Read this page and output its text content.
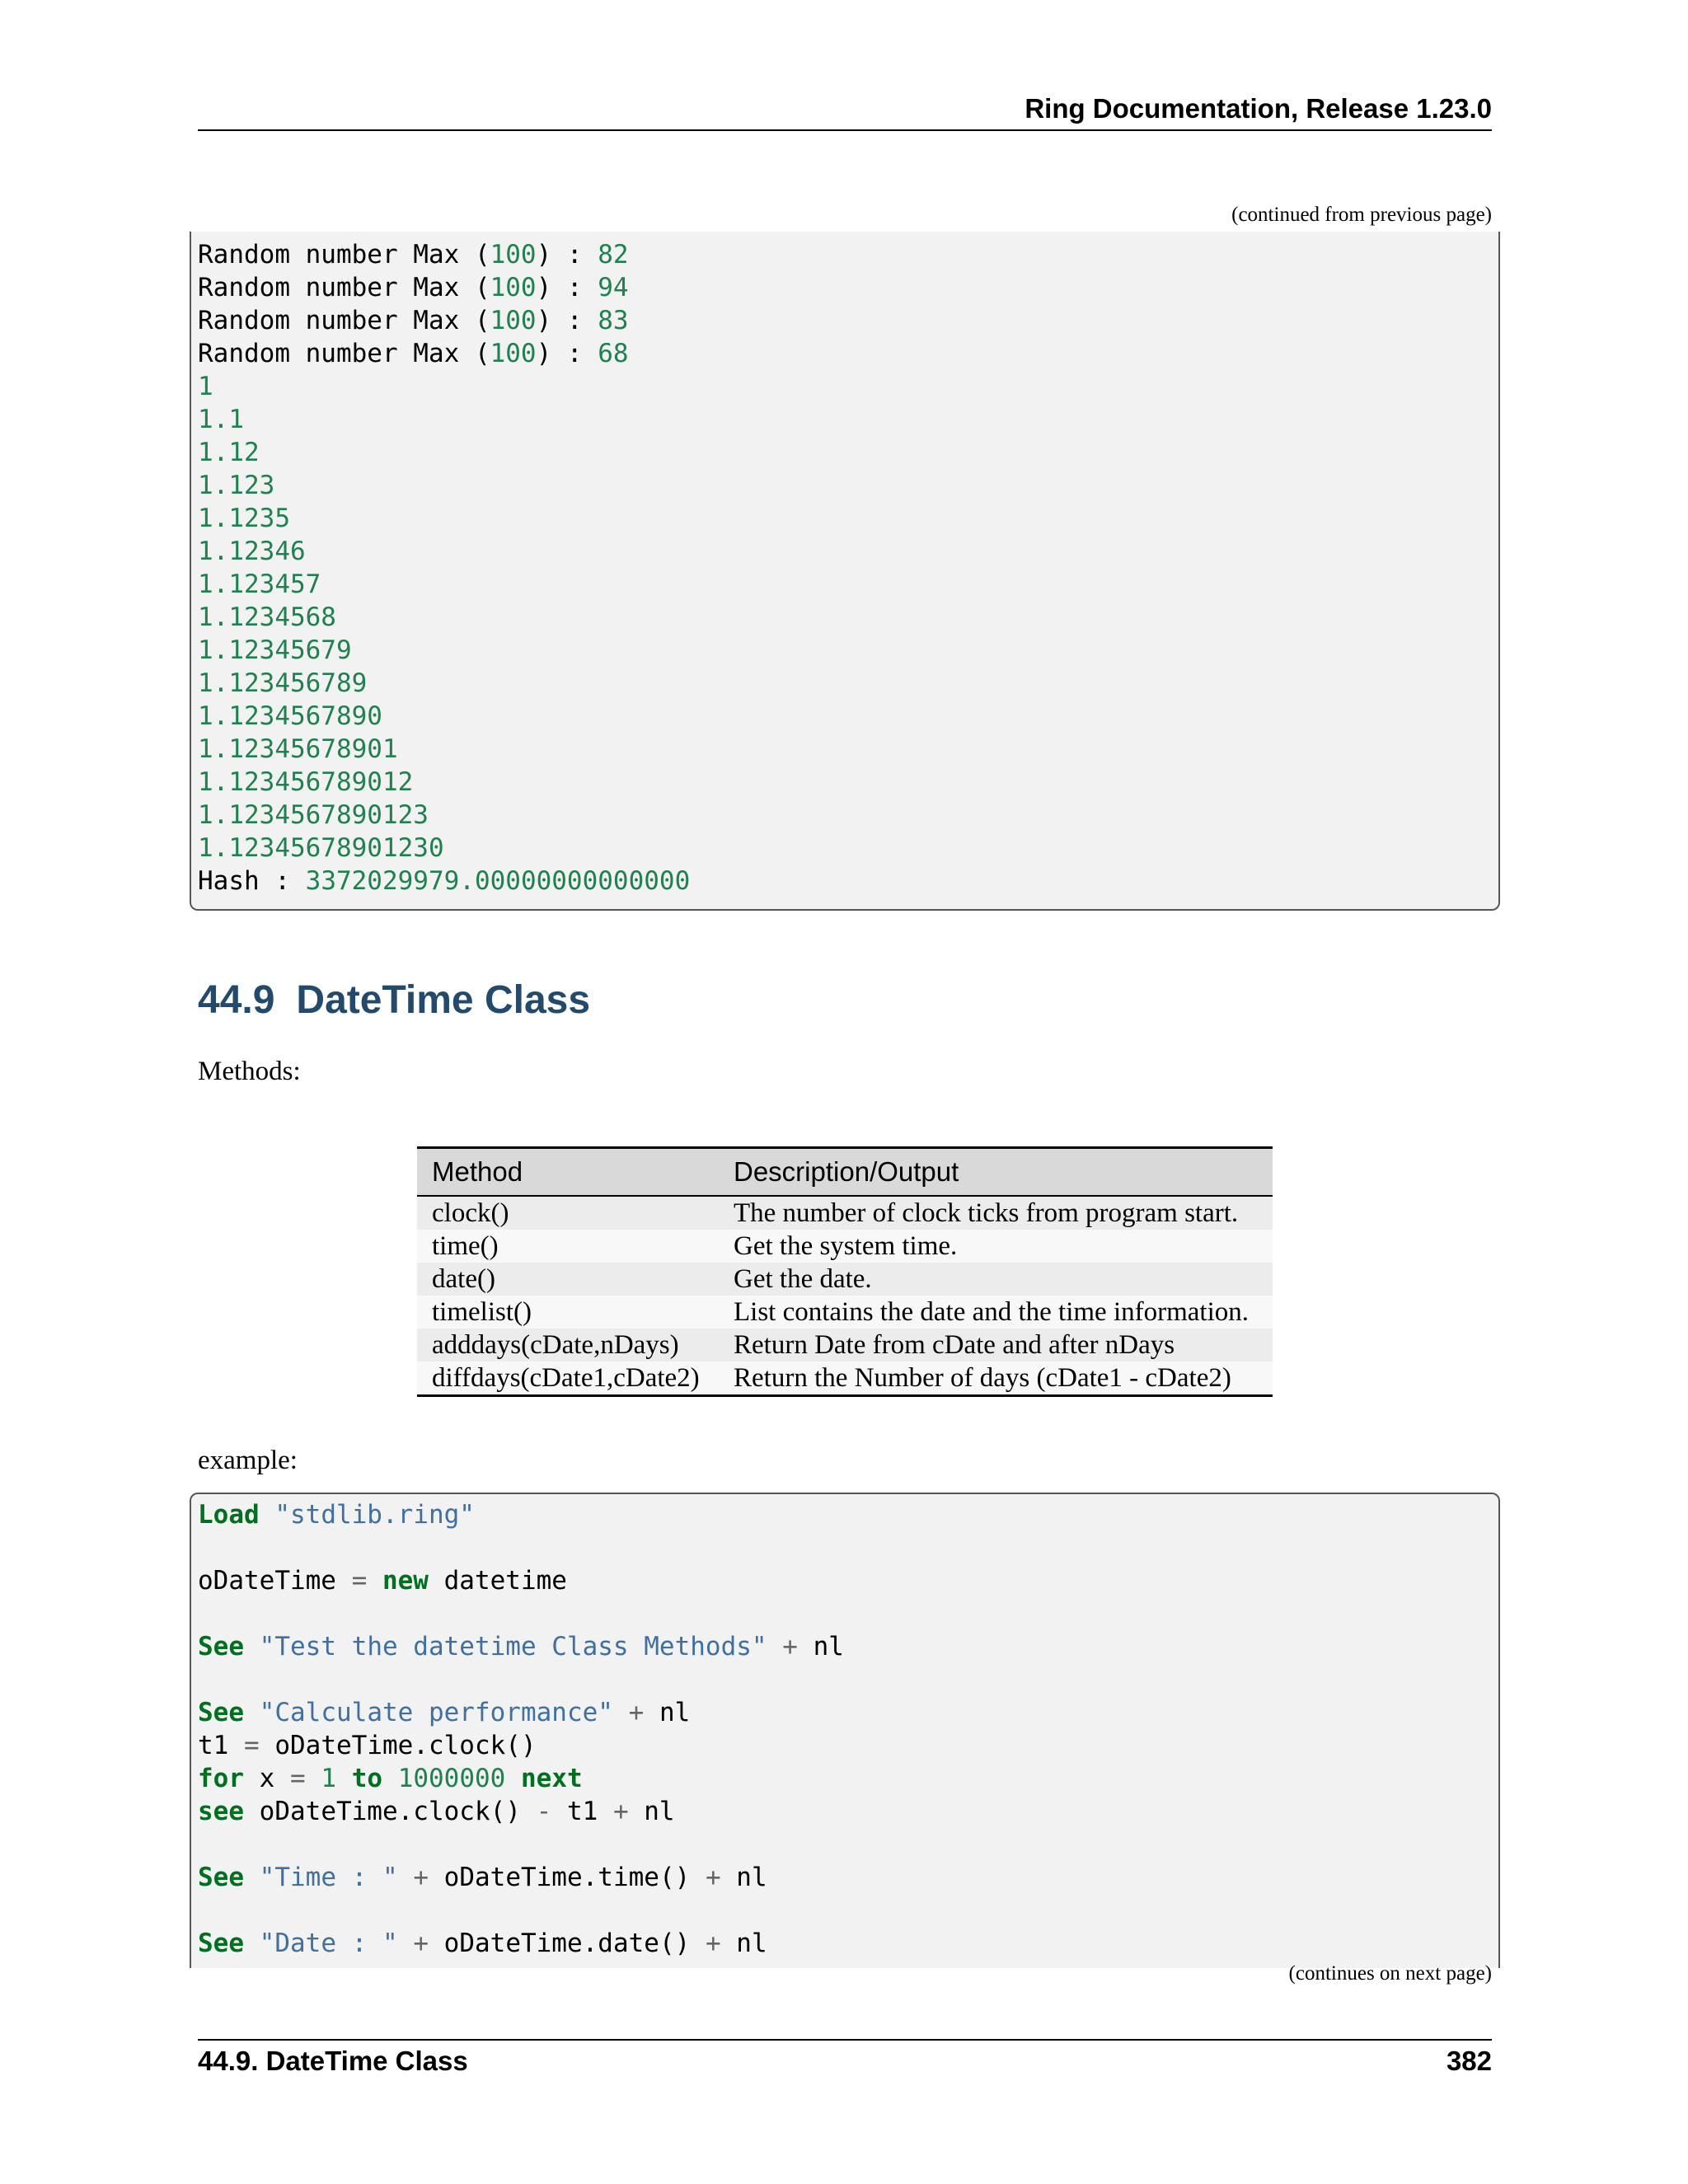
Ring Documentation, Release 1.23.0
(continued from previous page)
Random number Max (100) : 82
Random number Max (100) : 94
Random number Max (100) : 83
Random number Max (100) : 68
1
1.1
1.12
1.123
1.1235
1.12346
1.123457
1.1234568
1.12345679
1.123456789
1.1234567890
1.12345678901
1.123456789012
1.1234567890123
1.12345678901230
Hash : 3372029979.00000000000000
44.9 DateTime Class

Methods:

Method	Description/Output
clock()	The number of clock ticks from program start.
time()	Get the system time.
date()	Get the date.
timelist()	List contains the date and the time information.
adddays(cDate,nDays)	Return Date from cDate and after nDays
diffdays(cDate1,cDate2)	Return the Number of days (cDate1 - cDate2)

example:

Load "stdlib.ring"
oDateTime = new datetime
See "Test the datetime Class Methods" + nl
See "Calculate performance" + nl
t1 = oDateTime.clock()
for x = 1 to 1000000 next
see oDateTime.clock() - t1 + nl
See "Time : " + oDateTime.time() + nl
See "Date : " + oDateTime.date() + nl
(continues on next page)
44.9. DateTime Class	382
